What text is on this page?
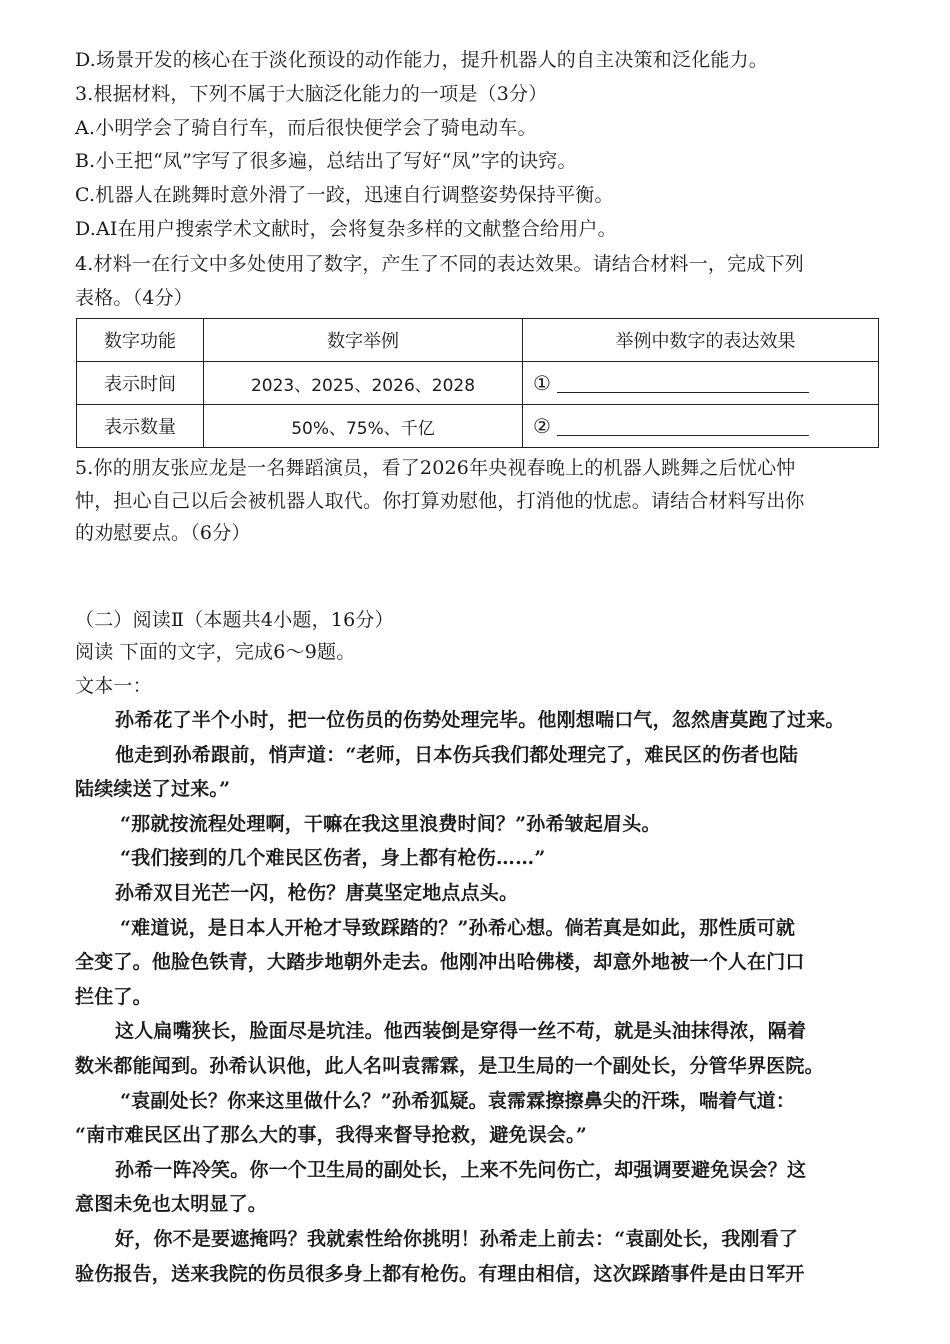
D.场景开发的核心在于淡化预设的动作能力，提升机器人的自主决策和泛化能力。
3.根据材料，下列不属于大脑泛化能力的一项是（3分）
A.小明学会了骑自行车，而后很快便学会了骑电动车。
B.小王把“凤”字写了很多遍，总结出了写好“凤”字的诀窍。
C.机器人在跳舞时意外滑了一跤，迅速自行调整姿势保持平衡。
D.AI在用户搜索学术文献时，会将复杂多样的文献整合给用户。
4.材料一在行文中多处使用了数字，产生了不同的表达效果。请结合材料一，完成下列
表格。（4分）
数字功能	数字举例	举例中数字的表达效果
表示时间	2023、2025、2026、2028	①
表示数量	50%、75%、千亿	②
5.你的朋友张应龙是一名舞蹈演员，看了2026年央视春晚上的机器人跳舞之后忧心忡
忡，担心自己以后会被机器人取代。你打算劝慰他，打消他的忧虑。请结合材料写出你
的劝慰要点。（6分）
（二）阅读Ⅱ（本题共4小题，16分）
阅读 下面的文字，完成6～9题。
文本一：
孙希花了半个小时，把一位伤员的伤势处理完毕。他刚想喘口气，忽然唐莫跑了过来。
他走到孙希跟前，悄声道：“老师，日本伤兵我们都处理完了，难民区的伤者也陆
陆续续送了过来。”
“那就按流程处理啊，干嘛在我这里浪费时间？”孙希皱起眉头。
“我们接到的几个难民区伤者，身上都有枪伤……”
孙希双目光芒一闪，枪伤？唐莫坚定地点点头。
“难道说，是日本人开枪才导致踩踏的？”孙希心想。倘若真是如此，那性质可就
全变了。他脸色铁青，大踏步地朝外走去。他刚冲出哈佛楼，却意外地被一个人在门口
拦住了。
这人扁嘴狭长，脸面尽是坑洼。他西装倒是穿得一丝不苟，就是头油抹得浓，隔着
数米都能闻到。孙希认识他，此人名叫袁霈霖，是卫生局的一个副处长，分管华界医院。
“袁副处长？你来这里做什么？”孙希狐疑。袁霈霖擦擦鼻尖的汗珠，喘着气道：
“南市难民区出了那么大的事，我得来督导抢救，避免误会。”
孙希一阵冷笑。你一个卫生局的副处长，上来不先问伤亡，却强调要避免误会？这
意图未免也太明显了。
好，你不是要遮掩吗？我就索性给你挑明！孙希走上前去：“袁副处长，我刚看了
验伤报告，送来我院的伤员很多身上都有枪伤。有理由相信，这次踩踏事件是由日军开
